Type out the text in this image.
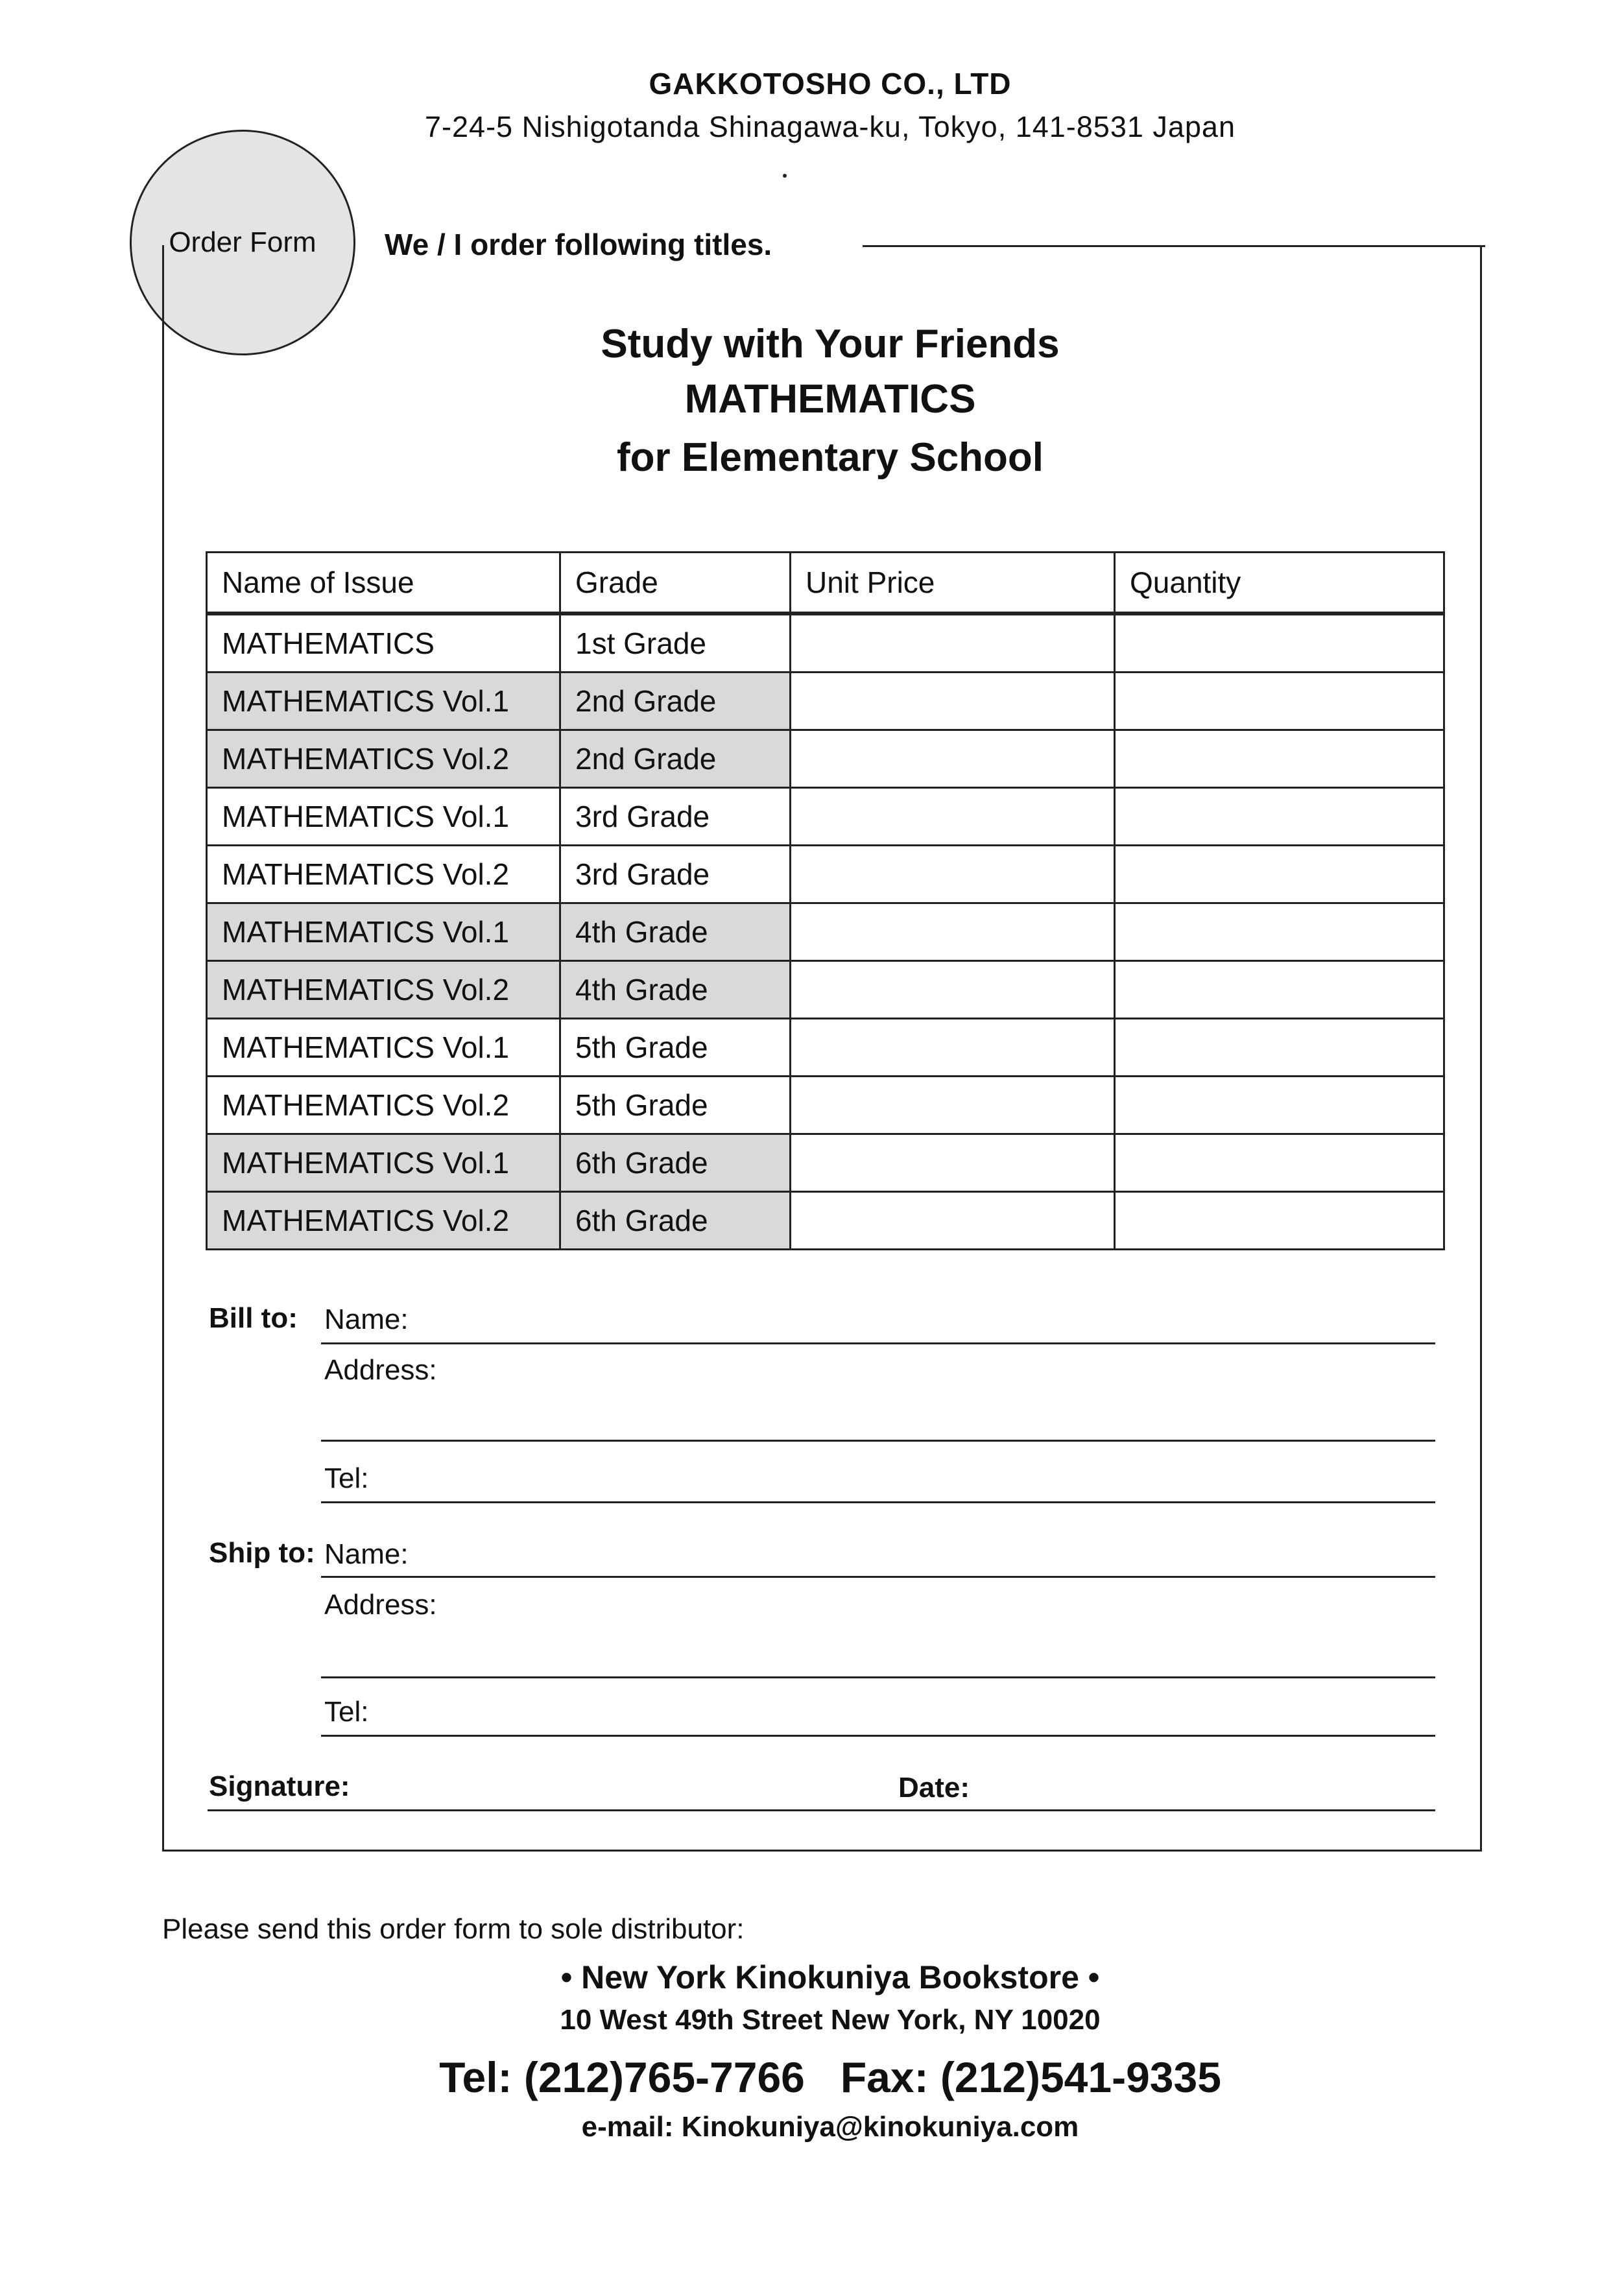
GAKKOTOSHO CO., LTD
7-24-5 Nishigotanda Shinagawa-ku, Tokyo, 141-8531 Japan
Order Form We / I order following titles.
Study with Your Friends
MATHEMATICS
for Elementary School
Name of Issue	Grade	Unit Price	Quantity
MATHEMATICS	1st Grade		
MATHEMATICS Vol.1	2nd Grade		
MATHEMATICS Vol.2	2nd Grade		
MATHEMATICS Vol.1	3rd Grade		
MATHEMATICS Vol.2	3rd Grade		
MATHEMATICS Vol.1	4th Grade		
MATHEMATICS Vol.2	4th Grade		
MATHEMATICS Vol.1	5th Grade		
MATHEMATICS Vol.2	5th Grade		
MATHEMATICS Vol.1	6th Grade		
MATHEMATICS Vol.2	6th Grade		
Bill to: Name:
Address:
Tel:
Ship to: Name:
Address:
Tel:
Signature:	Date:
Please send this order form to sole distributor:
• New York Kinokuniya Bookstore •
10 West 49th Street New York, NY 10020
Tel: (212)765-7766   Fax: (212)541-9335
e-mail: Kinokuniya@kinokuniya.com
